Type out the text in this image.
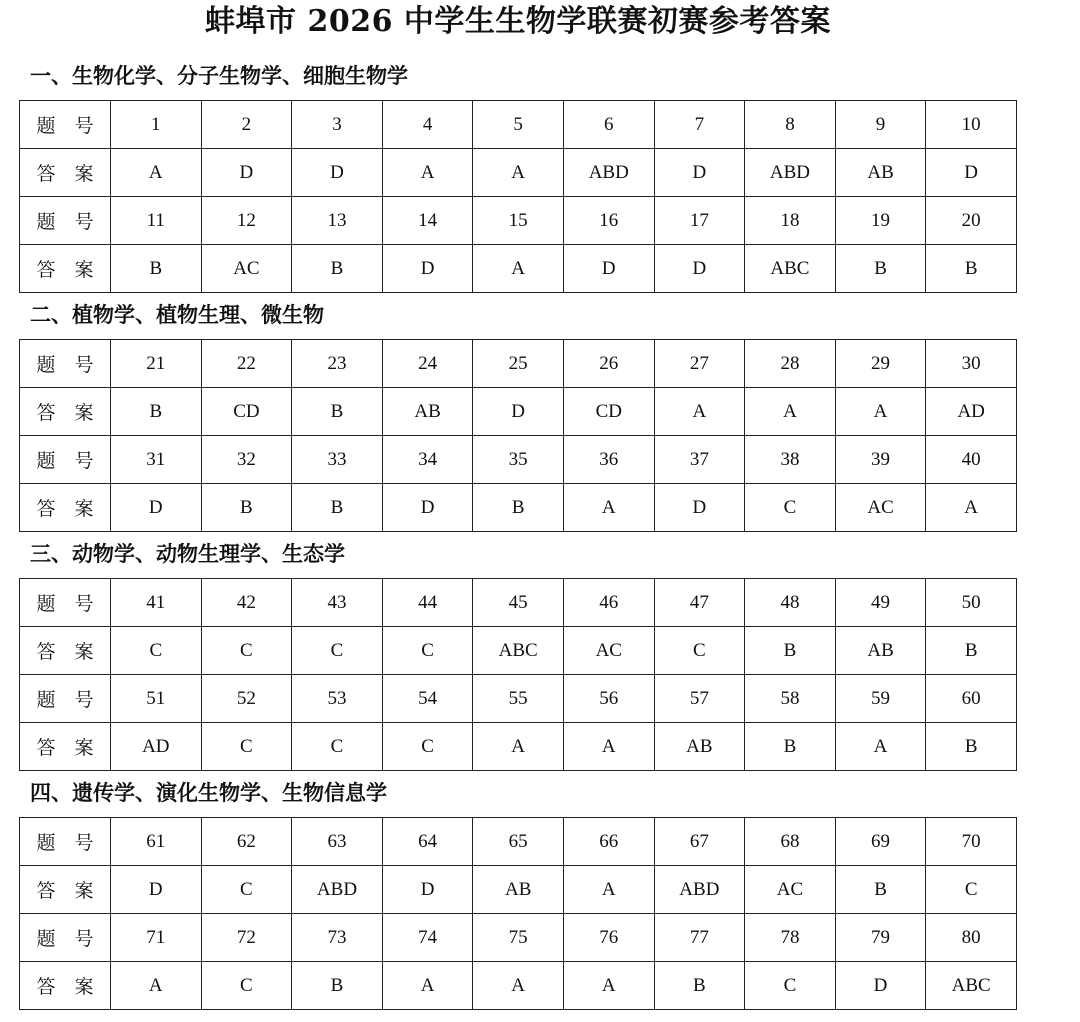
蚌埠市 2026 中学生生物学联赛初赛参考答案
一、生物化学、分子生物学、细胞生物学
题　号	1	2	3	4	5	6	7	8	9	10
答　案	A	D	D	A	A	ABD	D	ABD	AB	D
题　号	11	12	13	14	15	16	17	18	19	20
答　案	B	AC	B	D	A	D	D	ABC	B	B
二、植物学、植物生理、微生物
题　号	21	22	23	24	25	26	27	28	29	30
答　案	B	CD	B	AB	D	CD	A	A	A	AD
题　号	31	32	33	34	35	36	37	38	39	40
答　案	D	B	B	D	B	A	D	C	AC	A
三、动物学、动物生理学、生态学
题　号	41	42	43	44	45	46	47	48	49	50
答　案	C	C	C	C	ABC	AC	C	B	AB	B
题　号	51	52	53	54	55	56	57	58	59	60
答　案	AD	C	C	C	A	A	AB	B	A	B
四、遗传学、演化生物学、生物信息学
题　号	61	62	63	64	65	66	67	68	69	70
答　案	D	C	ABD	D	AB	A	ABD	AC	B	C
题　号	71	72	73	74	75	76	77	78	79	80
答　案	A	C	B	A	A	A	B	C	D	ABC
